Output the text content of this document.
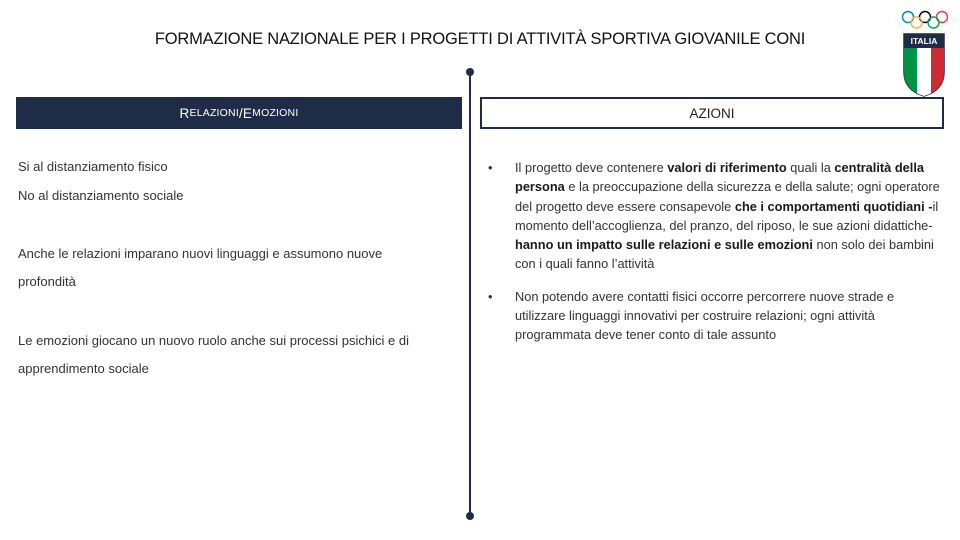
FORMAZIONE NAZIONALE PER I PROGETTI DI ATTIVITÀ SPORTIVA GIOVANILE CONI	ITALIA
R ELAZIONI / E MOZIONI	AZIONI
Si al distanziamento fisico
No al distanziamento sociale
Anche le relazioni imparano nuovi linguaggi e assumono nuove
profondità
Le emozioni giocano un nuovo ruolo anche sui processi psichici e di
apprendimento sociale
•	Il progetto deve contenere valori di riferimento quali la centralità della persona e la preoccupazione della sicurezza e della salute; ogni operatore del progetto deve essere consapevole che i comportamenti quotidiani -il momento dell’accoglienza, del pranzo, del riposo, le sue azioni didattiche- hanno un impatto sulle relazioni e sulle emozioni non solo dei bambini con i quali fanno l’attività
•	Non potendo avere contatti fisici occorre percorrere nuove strade e utilizzare linguaggi innovativi per costruire relazioni; ogni attività programmata deve tener conto di tale assunto
